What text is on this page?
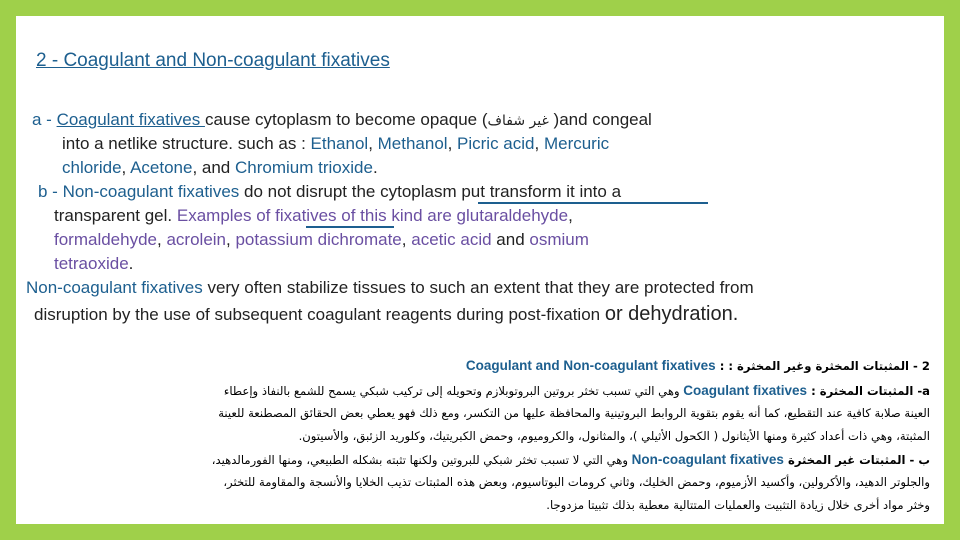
2 - Coagulant and Non-coagulant fixatives

a - Coagulant fixatives cause cytoplasm to become opaque (غير شفاف )and congeal

into a netlike structure. such as : Ethanol, Methanol, Picric acid, Mercuric

chloride, Acetone, and Chromium trioxide.

b - Non-coagulant fixatives do not disrupt the cytoplasm put transform it into a

transparent gel. Examples of fixatives of this kind are glutaraldehyde,

formaldehyde, acrolein, potassium dichromate, acetic acid and osmium

tetraoxide.

Non-coagulant fixatives very often stabilize tissues to such an extent that they are protected from

disruption by the use of subsequent coagulant reagents during post-fixation or dehydration.

2 - المثبتات المخثرة وغير المخثرة : : Coagulant and Non-coagulant fixatives

a- المثبتات المخثرة : Coagulant fixatives وهي التي تسبب تخثر بروتين البروتوبلازم وتحويله إلى تركيب شبكي يسمح للشمع بالنفاذ وإعطاء

العينة صلابة كافية عند التقطيع، كما أنه يقوم بتقوية الروابط البروتينية والمحافظة عليها من التكسر، ومع ذلك فهو يعطي بعض الحقائق المصطنعة للعينة

المثبتة، وهي ذات أعداد كثيرة ومنها الأيثانول ( الكحول الأثيلي )، والمثانول، والكروميوم، وحمض الكبريتيك، وكلوريد الزئبق، والأسيتون.

ب - المثبتات غير المخثرة Non-coagulant fixatives وهي التي لا تسبب تخثر شبكي للبروتين ولكنها تثبته بشكله الطبيعي، ومنها الفورمالدهيد،

والجلوتر الدهيد، والأكرولين، وأكسيد الأزميوم، وحمض الخليك، وثاني كرومات البوتاسيوم، وبعض هذه المثبتات تذيب الخلايا والأنسجة والمقاومة للتخثر،

وخثر مواد أخرى خلال زيادة التثبيت والعمليات المتتالية معطية بذلك تثبيتا مزدوجا.
